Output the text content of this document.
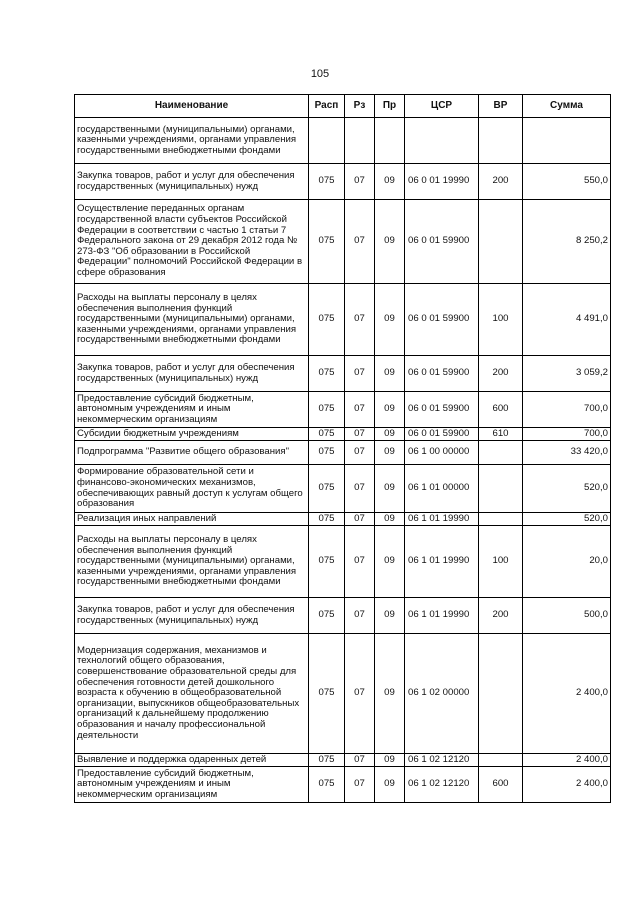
105
Наименование	Расп	Рз	Пр	ЦСР	ВР	Сумма
государственными (муниципальными) органами, казенными учреждениями, органами управления государственными внебюджетными фондами						
Закупка товаров, работ и услуг для обеспечения государственных (муниципальных) нужд	075	07	09	06 0 01 19990	200	550,0
Осуществление переданных органам государственной власти субъектов Российской Федерации в соответствии с частью 1 статьи 7 Федерального закона от 29 декабря 2012 года № 273-ФЗ "Об образовании в Российской Федерации" полномочий Российской Федерации в сфере образования	075	07	09	06 0 01 59900		8 250,2
Расходы на выплаты персоналу в целях обеспечения выполнения функций государственными (муниципальными) органами, казенными учреждениями, органами управления государственными внебюджетными фондами	075	07	09	06 0 01 59900	100	4 491,0
Закупка товаров, работ и услуг для обеспечения государственных (муниципальных) нужд	075	07	09	06 0 01 59900	200	3 059,2
Предоставление субсидий бюджетным, автономным учреждениям и иным некоммерческим организациям	075	07	09	06 0 01 59900	600	700,0
Субсидии бюджетным учреждениям	075	07	09	06 0 01 59900	610	700,0
Подпрограмма "Развитие общего образования"	075	07	09	06 1 00 00000		33 420,0
Формирование образовательной сети и финансово-экономических механизмов, обеспечивающих равный доступ к услугам общего образования	075	07	09	06 1 01 00000		520,0
Реализация иных направлений	075	07	09	06 1 01 19990		520,0
Расходы на выплаты персоналу в целях обеспечения выполнения функций государственными (муниципальными) органами, казенными учреждениями, органами управления государственными внебюджетными фондами	075	07	09	06 1 01 19990	100	20,0
Закупка товаров, работ и услуг для обеспечения государственных (муниципальных) нужд	075	07	09	06 1 01 19990	200	500,0
Модернизация содержания, механизмов и технологий общего образования, совершенствование образовательной среды для обеспечения готовности детей дошкольного возраста к обучению в общеобразовательной организации, выпускников общеобразовательных организаций к дальнейшему продолжению образования и началу профессиональной деятельности	075	07	09	06 1 02 00000		2 400,0
Выявление и поддержка одаренных детей	075	07	09	06 1 02 12120		2 400,0
Предоставление субсидий бюджетным, автономным учреждениям и иным некоммерческим организациям	075	07	09	06 1 02 12120	600	2 400,0
